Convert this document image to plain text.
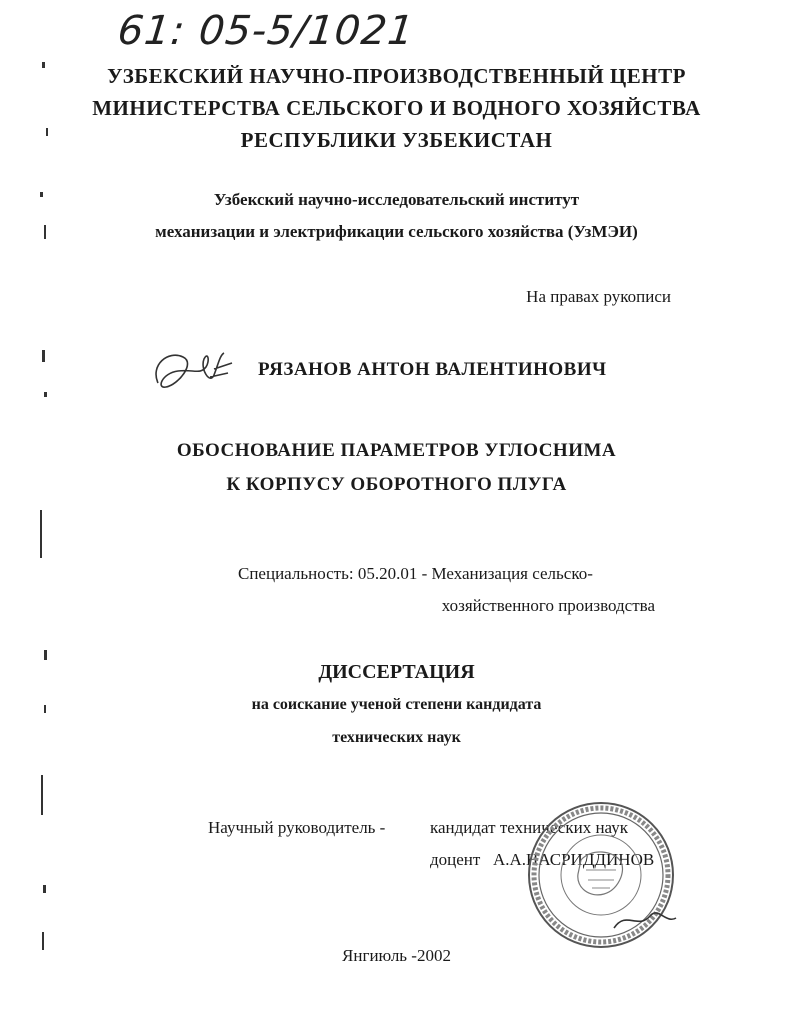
61: 05-5/1021
УЗБЕКСКИЙ НАУЧНО-ПРОИЗВОДСТВЕННЫЙ ЦЕНТР
МИНИСТЕРСТВА СЕЛЬСКОГО И ВОДНОГО ХОЗЯЙСТВА
РЕСПУБЛИКИ УЗБЕКИСТАН
Узбекский научно-исследовательский институт
механизации и электрификации сельского хозяйства (УзМЭИ)
На правах рукописи
РЯЗАНОВ АНТОН ВАЛЕНТИНОВИЧ
ОБОСНОВАНИЕ ПАРАМЕТРОВ УГЛОСНИМА
К КОРПУСУ ОБОРОТНОГО ПЛУГА
Специальность: 05.20.01 - Механизация сельско-
хозяйственного производства
ДИССЕРТАЦИЯ
на соискание ученой степени кандидата
технических наук
Научный руководитель -	кандидат технических наук
доцент А.А.НАСРИДДИНОВ
Янгиюль -2002
